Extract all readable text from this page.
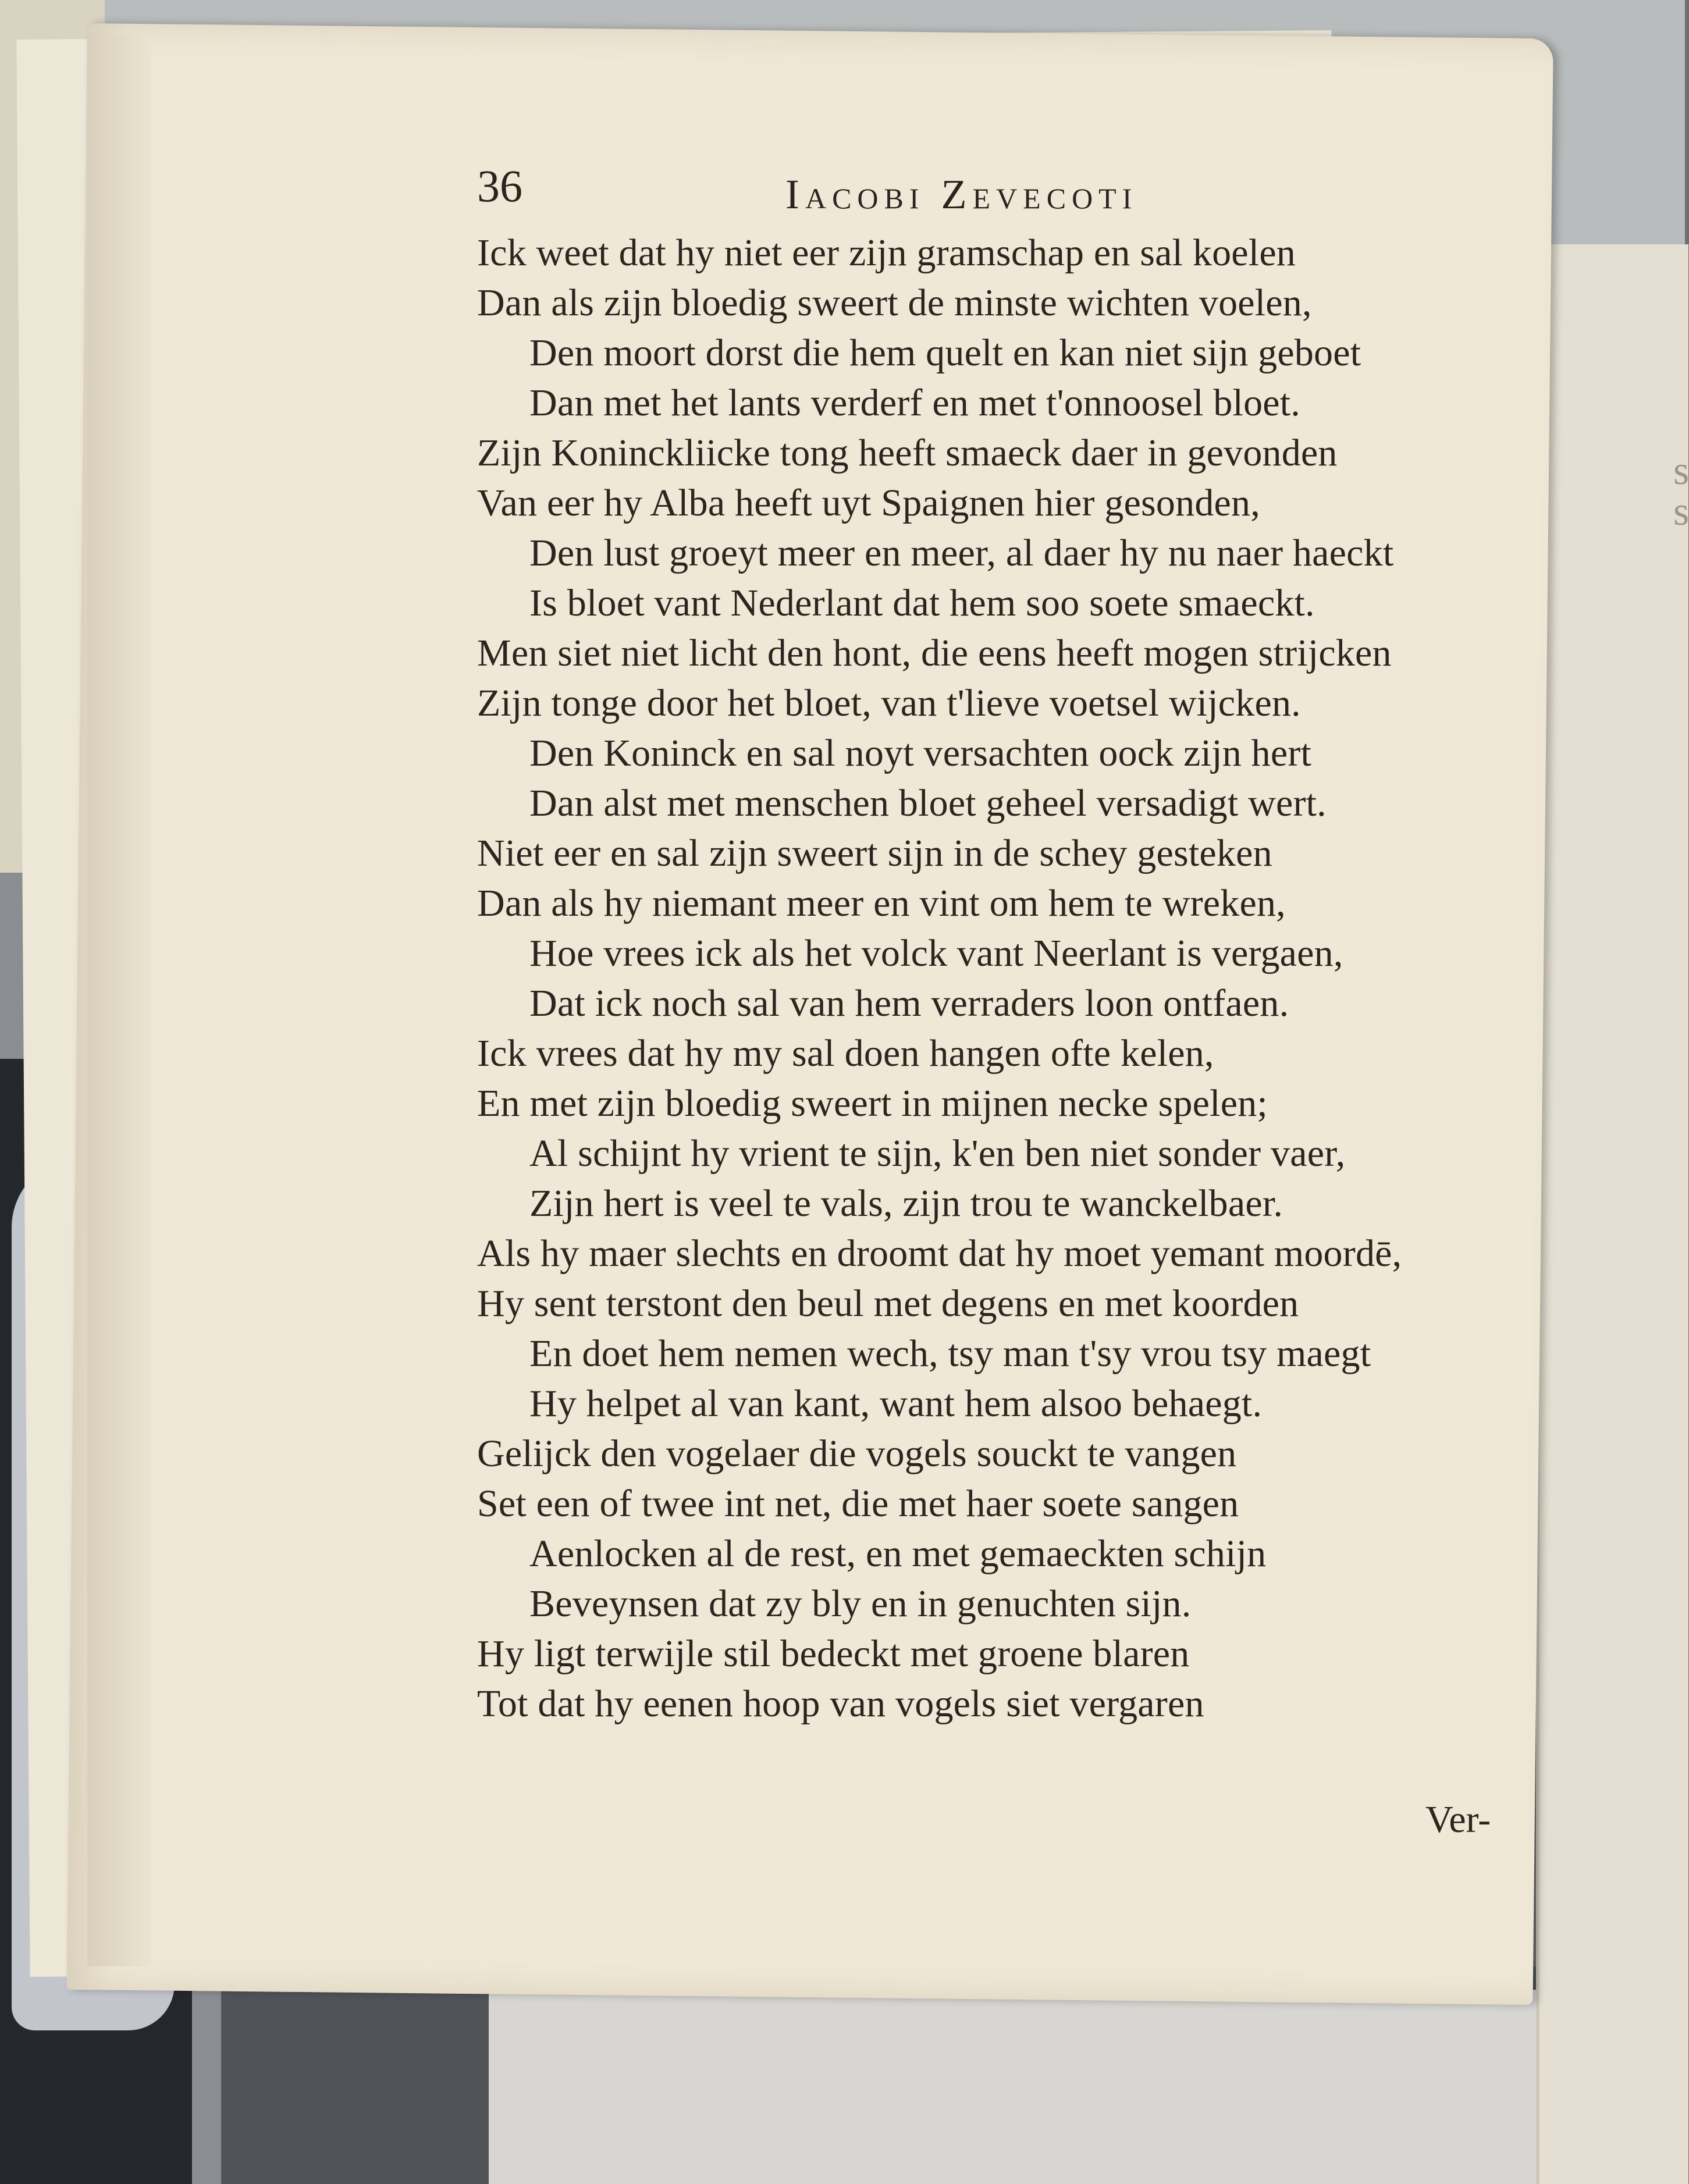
s
s
36	Iacobi Zevecoti
Ick weet dat hy niet eer zijn gramschap en sal koelen
Dan als zijn bloedig sweert de minste wichten voelen,
Den moort dorst die hem quelt en kan niet sijn geboet
Dan met het lants verderf en met t'onnoosel bloet.
Zijn Koninckliicke tong heeft smaeck daer in gevonden
Van eer hy Alba heeft uyt Spaignen hier gesonden,
Den lust groeyt meer en meer, al daer hy nu naer haeckt
Is bloet vant Nederlant dat hem soo soete smaeckt.
Men siet niet licht den hont, die eens heeft mogen strijcken
Zijn tonge door het bloet, van t'lieve voetsel wijcken.
Den Koninck en sal noyt versachten oock zijn hert
Dan alst met menschen bloet geheel versadigt wert.
Niet eer en sal zijn sweert sijn in de schey gesteken
Dan als hy niemant meer en vint om hem te wreken,
Hoe vrees ick als het volck vant Neerlant is vergaen,
Dat ick noch sal van hem verraders loon ontfaen.
Ick vrees dat hy my sal doen hangen ofte kelen,
En met zijn bloedig sweert in mijnen necke spelen;
Al schijnt hy vrient te sijn, k'en ben niet sonder vaer,
Zijn hert is veel te vals, zijn trou te wanckelbaer.
Als hy maer slechts en droomt dat hy moet yemant moordē,
Hy sent terstont den beul met degens en met koorden
En doet hem nemen wech, tsy man t'sy vrou tsy maegt
Hy helpet al van kant, want hem alsoo behaegt.
Gelijck den vogelaer die vogels souckt te vangen
Set een of twee int net, die met haer soete sangen
Aenlocken al de rest, en met gemaeckten schijn
Beveynsen dat zy bly en in genuchten sijn.
Hy ligt terwijle stil bedeckt met groene blaren
Tot dat hy eenen hoop van vogels siet vergaren
Ver-
